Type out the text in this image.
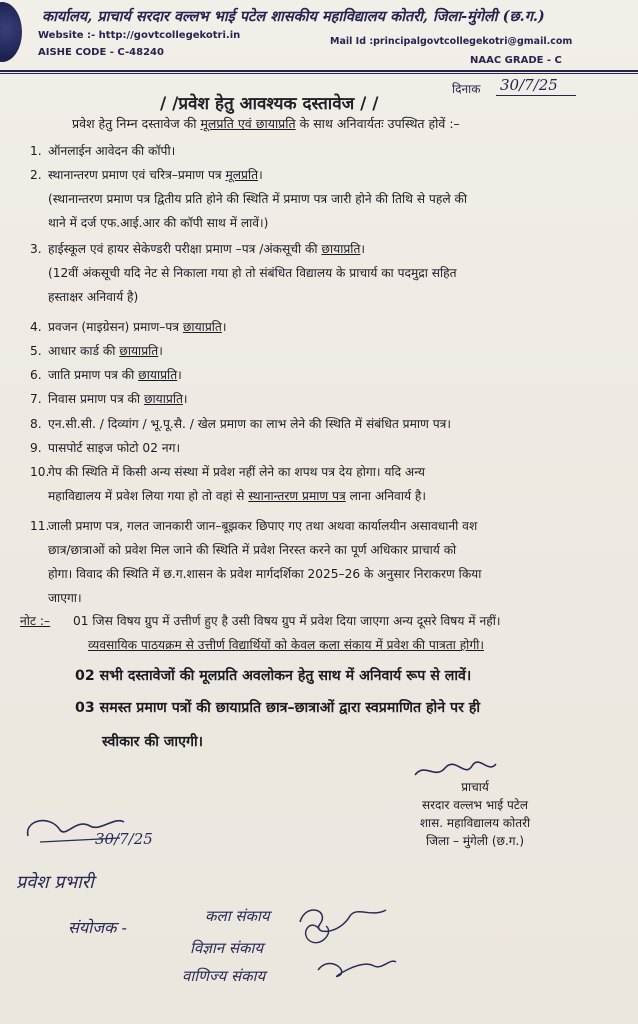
कार्यालय, प्राचार्य सरदार वल्लभ भाई पटेल शासकीय महाविद्यालय कोतरी, जिला-मुंगेली (छ.ग.)
Website :- http://govtcollegekotri.in
AISHE CODE - C-48240
Mail Id :principalgovtcollegekotri@gmail.com
NAAC GRADE - C
दिनाक 30/7/25
/ /प्रवेश हेतु आवश्यक दस्तावेज / /
प्रवेश हेतु निम्न दस्तावेज की मूलप्रति एवं छायाप्रति के साथ अनिवार्यतः उपस्थित होवें :–
1. ऑनलाईन आवेदन की कॉपी।
2. स्थानान्तरण प्रमाण एवं चरित्र–प्रमाण पत्र मूलप्रति।
(स्थानान्तरण प्रमाण पत्र द्वितीय प्रति होने की स्थिति में प्रमाण पत्र जारी होने की तिथि से पहले की
थाने में दर्ज एफ.आई.आर की कॉपी साथ में लावें।)
3. हाईस्कूल एवं हायर सेकेण्डरी परीक्षा प्रमाण –पत्र /अंकसूची की छायाप्रति।
(12वीं अंकसूची यदि नेट से निकाला गया हो तो संबंधित विद्यालय के प्राचार्य का पदमुद्रा सहित
हस्ताक्षर अनिवार्य है)
4. प्रवजन (माइग्रेसन) प्रमाण–पत्र छायाप्रति।
5. आधार कार्ड की छायाप्रति।
6. जाति प्रमाण पत्र की छायाप्रति।
7. निवास प्रमाण पत्र की छायाप्रति।
8. एन.सी.सी. / दिव्यांग / भू.पू.सै. / खेल प्रमाण का लाभ लेने की स्थिति में संबंधित प्रमाण पत्र।
9. पासपोर्ट साइज फोटो 02 नग।
10.
गेप की स्थिति में किसी अन्य संस्था में प्रवेश नहीं लेने का शपथ पत्र देय होगा। यदि अन्य
महाविद्यालय में प्रवेश लिया गया हो तो वहां से स्थानान्तरण प्रमाण पत्र लाना अनिवार्य है।
11.
जाली प्रमाण पत्र, गलत जानकारी जान–बूझकर छिपाए गए तथा अथवा कार्यालयीन असावधानी वश
छात्र/छात्राओं को प्रवेश मिल जाने की स्थिति में प्रवेश निरस्त करने का पूर्ण अधिकार प्राचार्य को
होगा। विवाद की स्थिति में छ.ग.शासन के प्रवेश मार्गदर्शिका 2025–26 के अनुसार निराकरण किया
जाएगा।
नोट :– 01 जिस विषय ग्रुप में उत्तीर्ण हुए है उसी विषय ग्रुप में प्रवेश दिया जाएगा अन्य दूसरे विषय में नहीं।
व्यवसायिक पाठयक्रम से उत्तीर्ण विद्यार्थियों को केवल कला संकाय में प्रवेश की पात्रता होगी।
02 सभी दस्तावेजों की मूलप्रति अवलोकन हेतु साथ में अनिवार्य रूप से लावें।
03 समस्त प्रमाण पत्रों की छायाप्रति छात्र–छात्राओं द्वारा स्वप्रमाणित होने पर ही
स्वीकार की जाएगी।
प्राचार्य
सरदार वल्लभ भाई पटेल
शास. महाविद्यालय कोतरी
जिला – मुंगेली (छ.ग.)
30/7/25
प्रवेश प्रभारी
संयोजक -
कला संकाय
विज्ञान संकाय
वाणिज्य संकाय
